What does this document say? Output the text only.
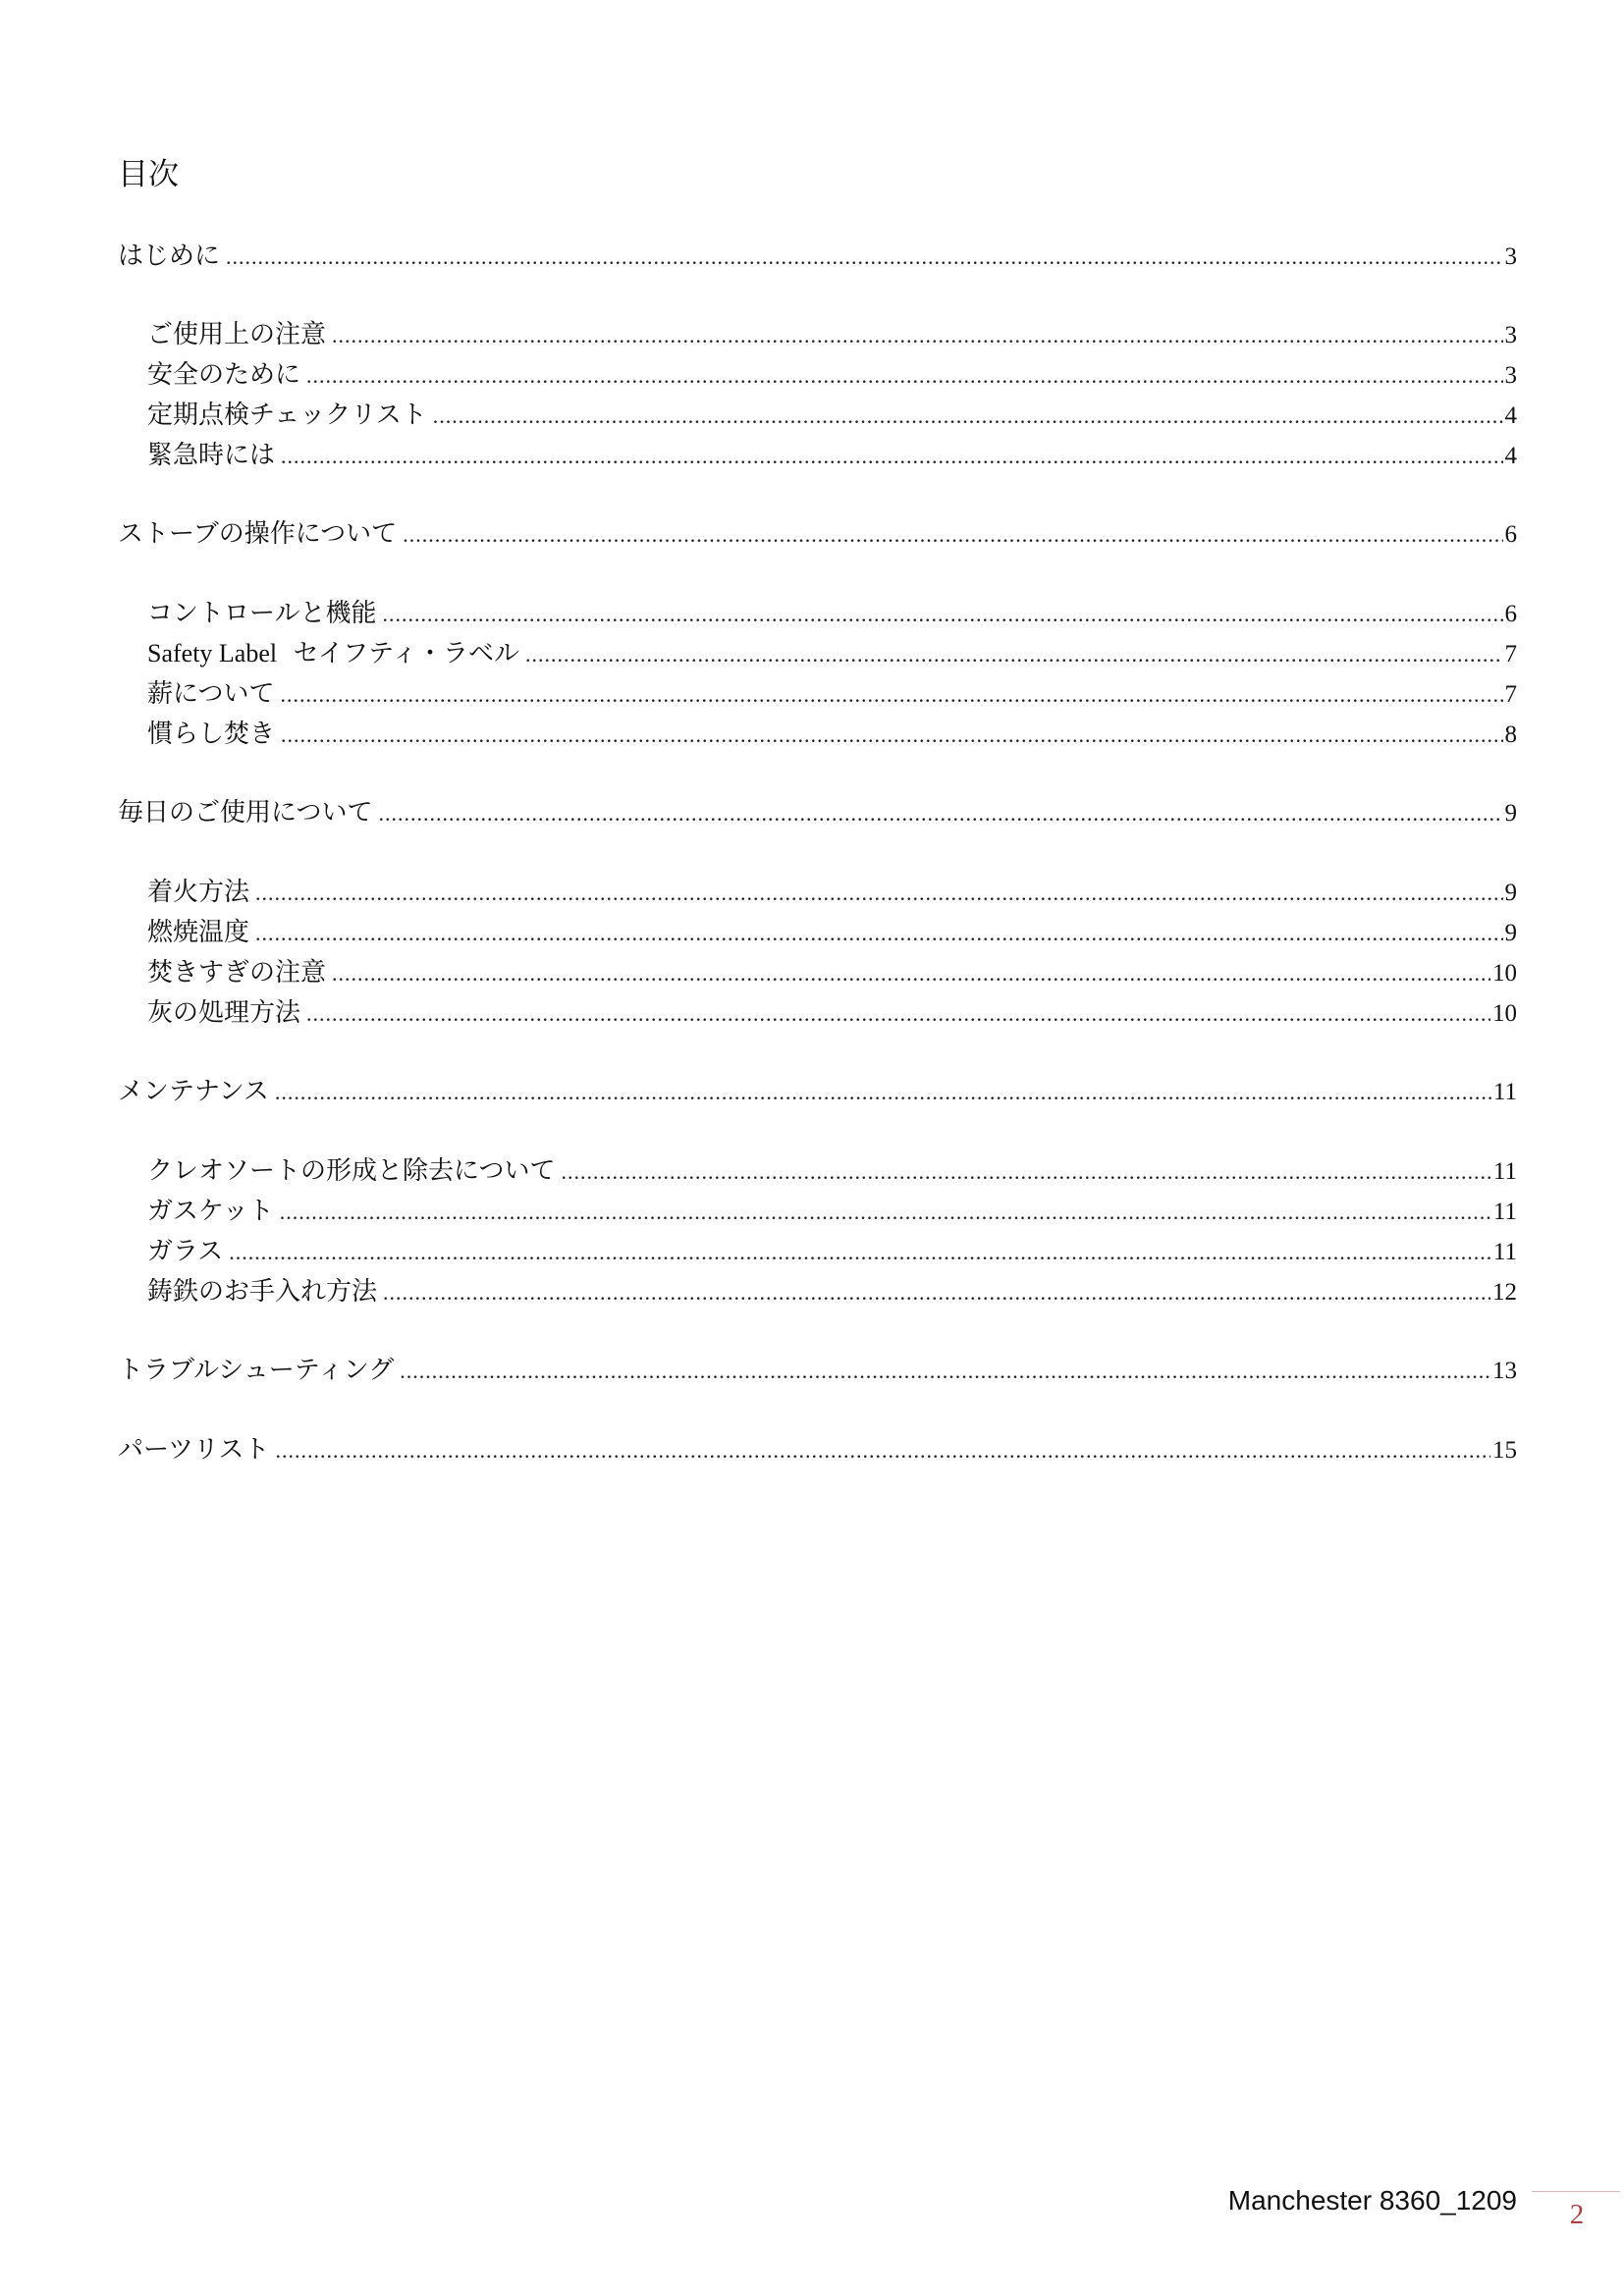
目次
はじめに .....	3
ご使用上の注意 .....	3
安全のために .....	3
定期点検チェックリスト .....	4
緊急時には .....	4
ストーブの操作について .....	6
コントロールと機能 .....	6
Safety Label セイフティ・ラベル .....	7
薪について .....	7
慣らし焚き .....	8
毎日のご使用について .....	9
着火方法 .....	9
燃焼温度 .....	9
焚きすぎの注意 .....	10
灰の処理方法 .....	10
メンテナンス .....	11
クレオソートの形成と除去について .....	11
ガスケット .....	11
ガラス .....	11
鋳鉄のお手入れ方法 .....	12
トラブルシューティング .....	13
パーツリスト .....	15
Manchester 8360_1209	2
